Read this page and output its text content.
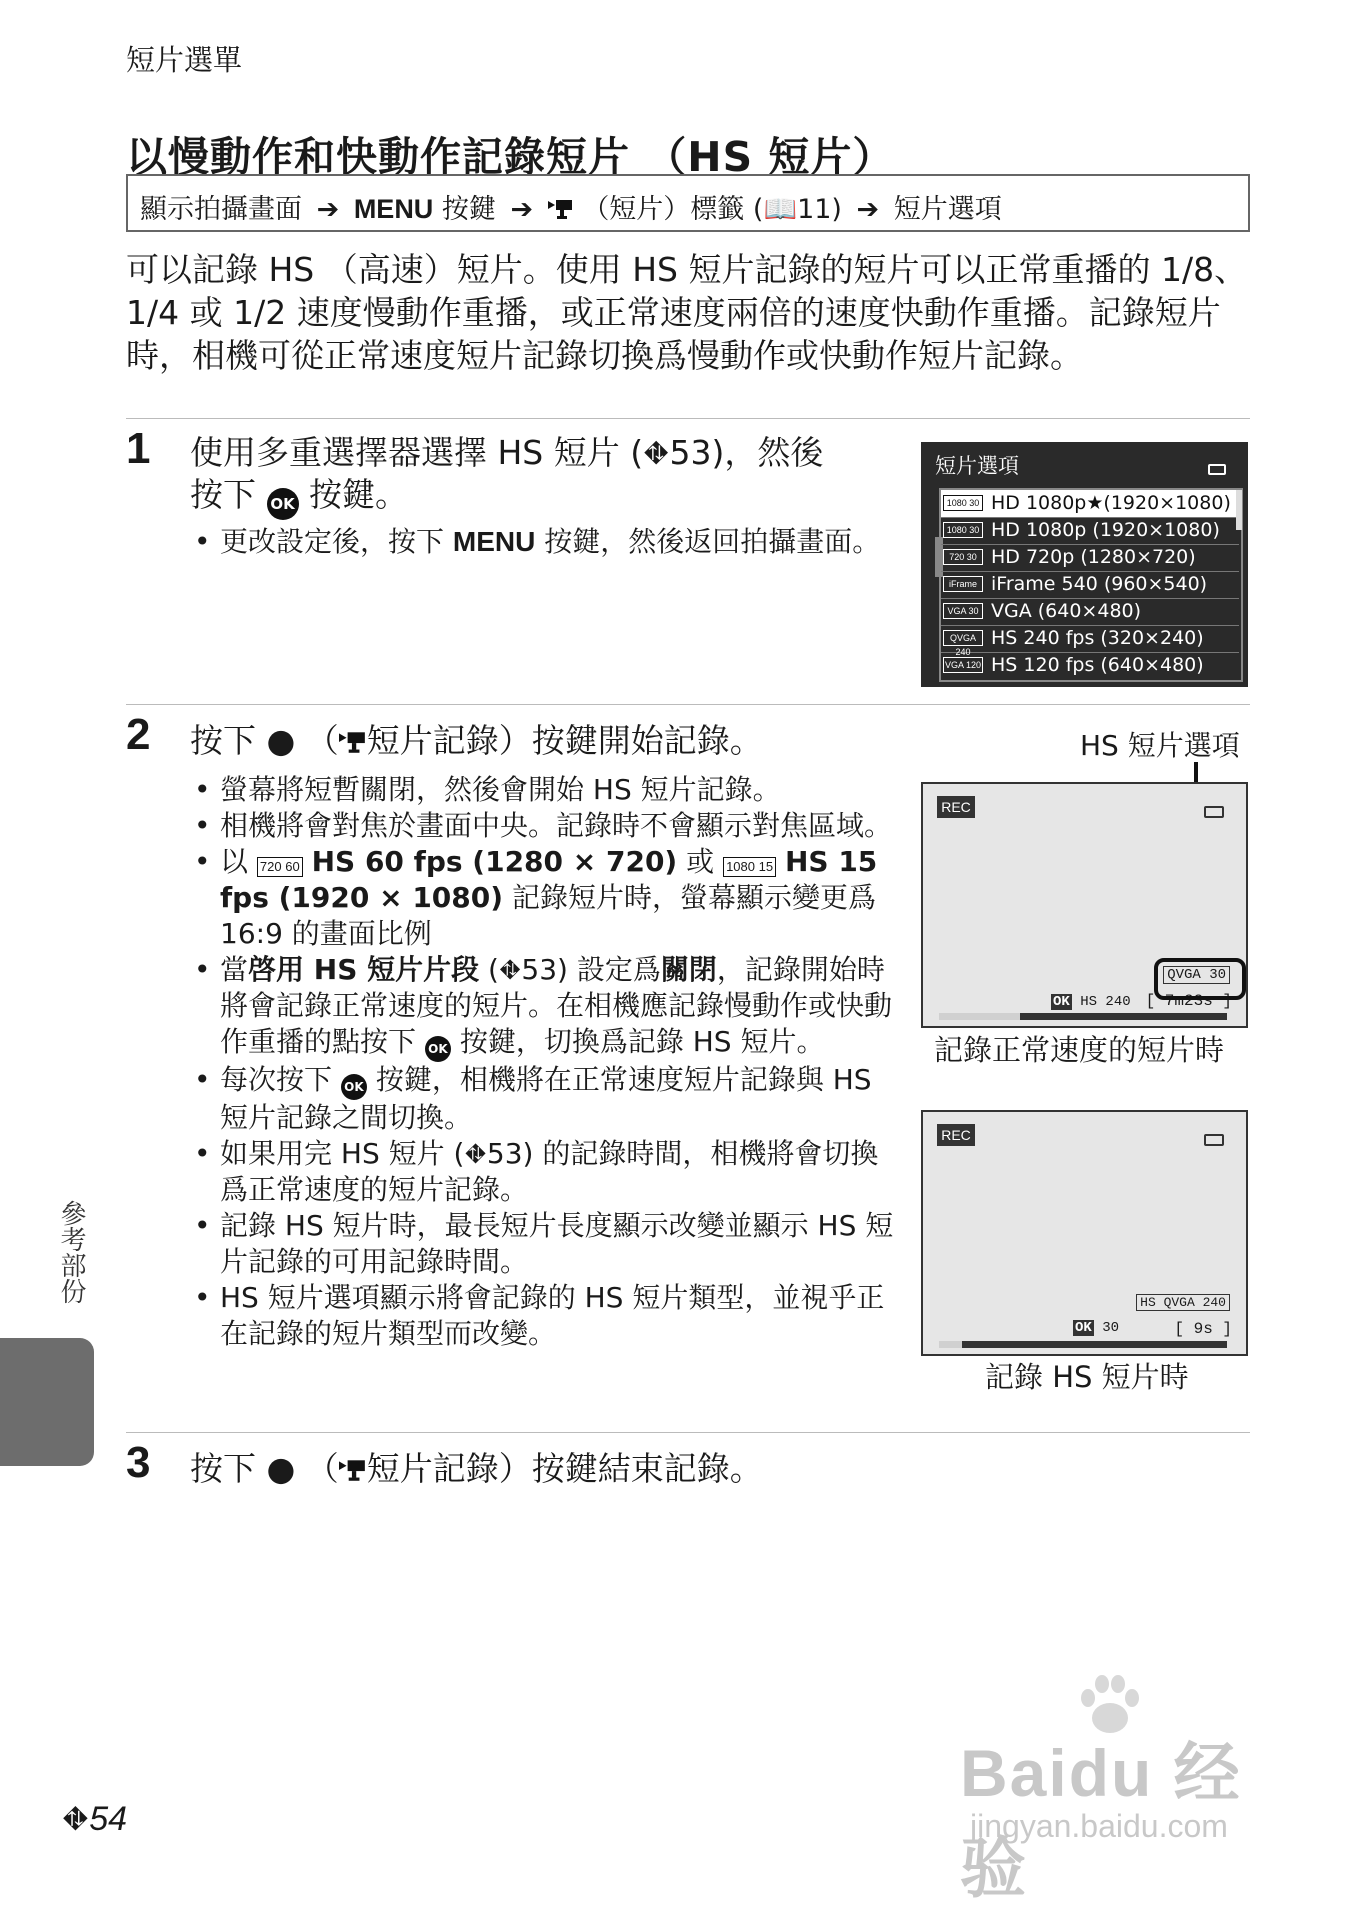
短片選單
以慢動作和快動作記錄短片 （HS 短片）
顯示拍攝畫面 ➔ MENU 按鍵 ➔ （短片）標籤 (📖11) ➔ 短片選項
可以記錄 HS （高速）短片。使用 HS 短片記錄的短片可以正常重播的 1/8、1/4 或 1/2 速度慢動作重播，或正常速度兩倍的速度快動作重播。記錄短片時，相機可從正常速度短片記錄切換爲慢動作或快動作短片記錄。
1 使用多重選擇器選擇 HS 短片 (⛖53)，然後
按下 OK 按鍵。
• 更改設定後，按下 MENU 按鍵，然後返回拍攝畫面。
短片選項
1080 30 HD 1080p★(1920×1080)
1080 30 HD 1080p (1920×1080)
720 30 HD 720p (1280×720)
iFrame iFrame 540 (960×540)
VGA 30 VGA (640×480)
QVGA 240
HS 240 fps (320×240)
VGA 120 HS 120 fps (640×480)
2 按下 ● （ 短片記錄）按鍵開始記錄。
• 螢幕將短暫關閉，然後會開始 HS 短片記錄。
• 相機將會對焦於畫面中央。記錄時不會顯示對焦區域。
• 以 720 60 HS 60 fps (1280 × 720) 或 1080 15 HS 15 fps (1920 × 1080) 記錄短片時，螢幕顯示變更爲 16:9 的畫面比例
• 當啓用 HS 短片片段 (⛖53) 設定爲關閉，記錄開始時將會記錄正常速度的短片。在相機應記錄慢動作或快動作重播的點按下 OK 按鍵，切換爲記錄 HS 短片。
• 每次按下 OK 按鍵，相機將在正常速度短片記錄與 HS 短片記錄之間切換。
• 如果用完 HS 短片 (⛖53) 的記錄時間，相機將會切換爲正常速度的短片記錄。
• 記錄 HS 短片時，最長短片長度顯示改變並顯示 HS 短片記錄的可用記錄時間。
• HS 短片選項顯示將會記錄的 HS 短片類型，並視乎正在記錄的短片類型而改變。
HS 短片選項
REC
QVGA 30
OK HS 240 [ 7m23s ]
記錄正常速度的短片時
REC
HS QVGA 240
OK 30	[ 9s ]
記錄 HS 短片時
3 按下 ● （ 短片記錄）按鍵結束記錄。
參考部份
⛖54
Baidu 经验
jingyan.baidu.com
